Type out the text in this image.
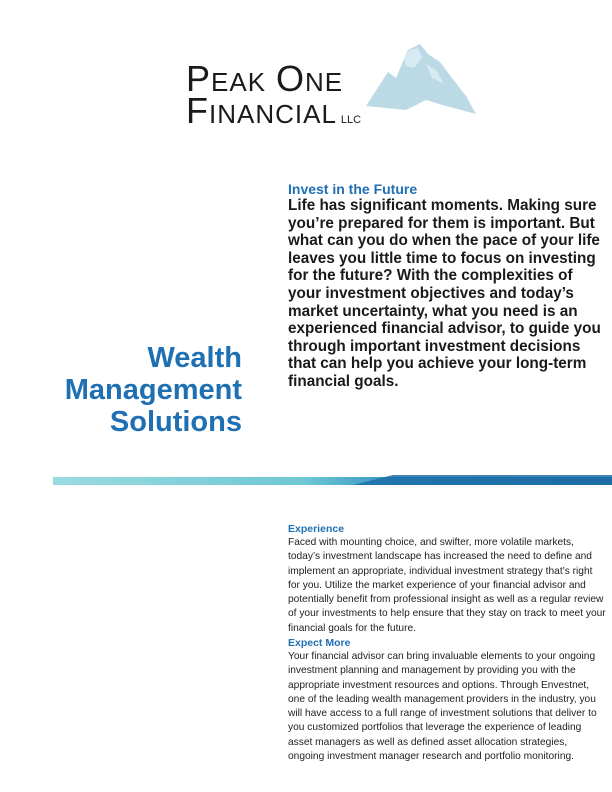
PEAK ONE
FINANCIAL LLC
Invest in the Future
Life has significant moments. Making sure you’re prepared for them is important. But what can you do when the pace of your life leaves you little time to focus on investing for the future? With the complexities of your investment objectives and today’s market uncertainty, what you need is an experienced financial advisor, to guide you through important investment decisions that can help you achieve your long-term financial goals.
Wealth
Management
Solutions
Experience
Faced with mounting choice, and swifter, more volatile markets, today’s investment landscape has increased the need to define and implement an appropriate, individual investment strategy that’s right for you. Utilize the market experience of your financial advisor and potentially benefit from professional insight as well as a regular review of your investments to help ensure that they stay on track to meet your financial goals for the future.
Expect More
Your financial advisor can bring invaluable elements to your ongoing investment planning and management by providing you with the appropriate investment resources and options. Through Envestnet, one of the leading wealth management providers in the industry, you will have access to a full range of investment solutions that deliver to you customized portfolios that leverage the experience of leading asset managers as well as defined asset allocation strategies, ongoing investment manager research and portfolio monitoring.
